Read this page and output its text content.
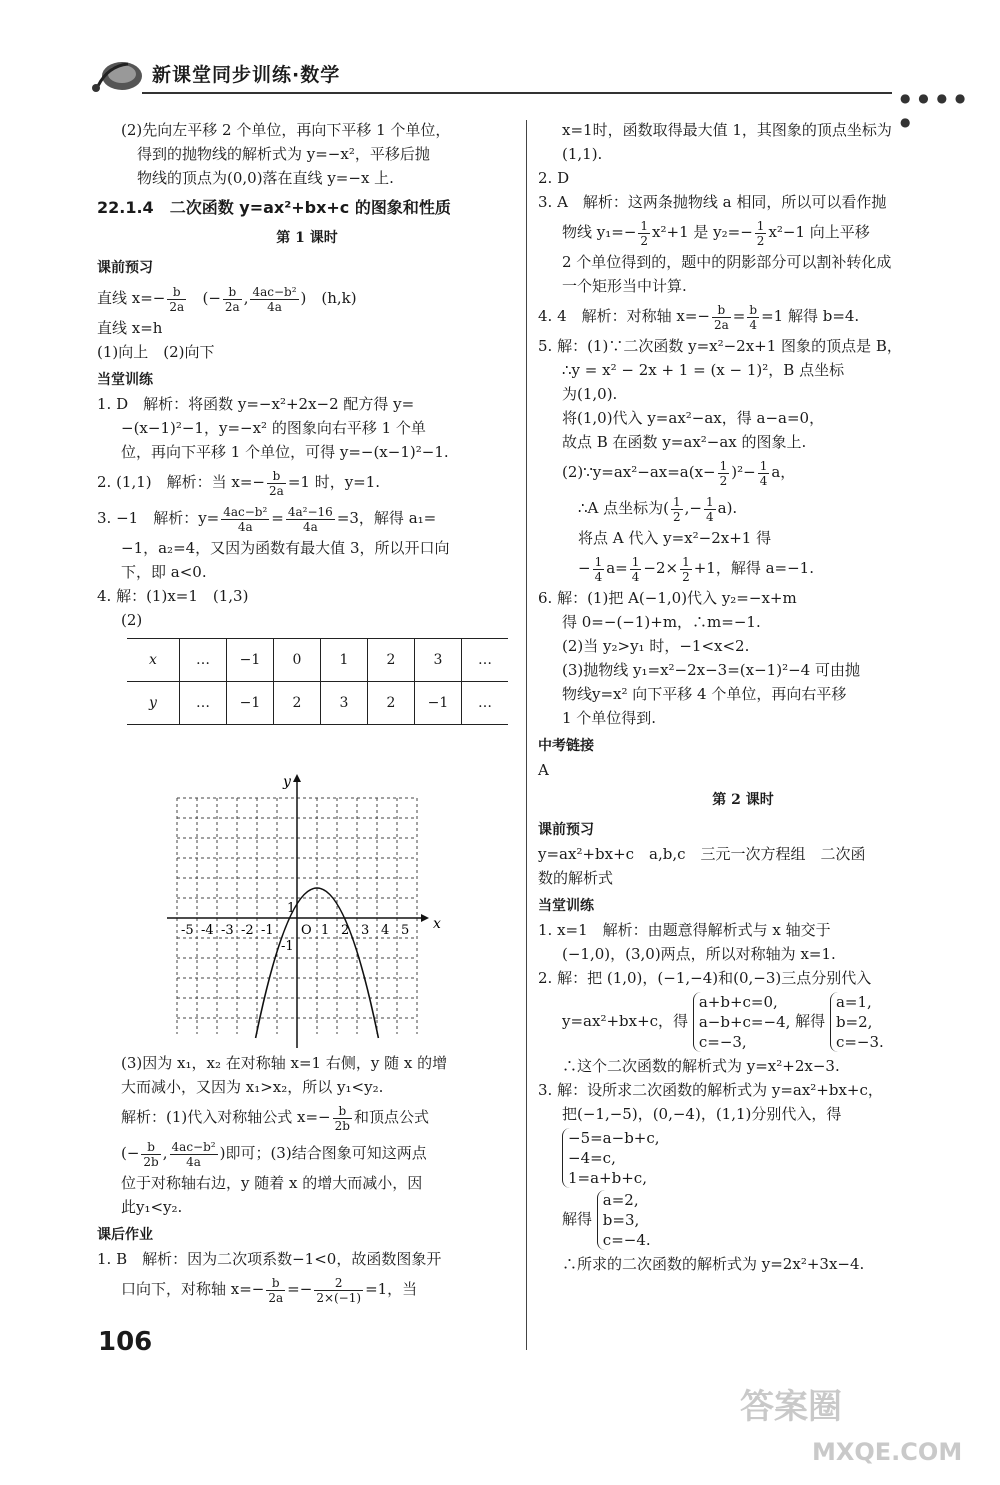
新课堂同步训练·数学
● ● ● ● ●

(2)先向左平移 2 个单位，再向下平移 1 个单位，

得到的抛物线的解析式为 y=−x²，平移后抛

物线的顶点为(0,0)落在直线 y=−x 上.

22.1.4　二次函数 y=ax²+bx+c 的图象和性质
第 1 课时
课前预习

直线 $x=- \frac{b}{2a}$ (− $\frac{b}{2a}$ , $\frac{\text{4ac−b²}}{4a}$ )　(h,k)

直线 x=h

(1)向上　(2)向下

当堂训练

1. D　解析：将函数 y=−x²+2x−2 配方得 y=

−(x−1)²−1，y=−x² 的图象向右平移 1 个单

位，再向下平移 1 个单位，可得 y=−(x−1)²−1.

2. (1,1)　解析：当 $x=- \frac{b}{2a} =1$ 时，y=1.

3. −1　解析：$y= \frac{\text{4ac−b²}}{4a} = \frac{\text{4a²−16}}{4a} =3$，解得 a₁=

−1，a₂=4，又因为函数有最大值 3，所以开口向

下，即 a<0.

4. 解：(1)x=1　(1,3)

(2)

x	…	−1	0	1	2	3	…
y	…	−1	2	3	2	−1	…
y
x
O
-5 -4 -3 -2 -1	1 2 3 4 5
1
-1

(3)因为 x₁，x₂ 在对称轴 x=1 右侧，y 随 x 的增

大而减小，又因为 x₁>x₂，所以 y₁<y₂.

解析：(1)代入对称轴公式 $x=- \frac{b}{2b}$ 和顶点公式

(− $\frac{b}{2b}$ , $\frac{\text{4ac−b²}}{4a}$ )即可；(3)结合图象可知这两点

位于对称轴右边，y 随着 x 的增大而减小，因

此y₁<y₂.

课后作业

1. B　解析：因为二次项系数−1<0，故函数图象开

口向下，对称轴 $x=- \frac{b}{2a} =- \frac{2}{2\times(-1)} =1$，当

x=1时，函数取得最大值 1，其图象的顶点坐标为

(1,1).

2. D

3. A　解析：这两条抛物线 a 相同，所以可以看作抛

物线 $y_1=- \frac{1}{2} x^2+1$ 是 $y_2=- \frac{1}{2} x^2-1$ 向上平移

2 个单位得到的，题中的阴影部分可以割补转化成

一个矩形当中计算.

4. 4　解析：对称轴 $x=- \frac{b}{2a} = \frac{b}{4} =1$ 解得 b=4.

5. 解：(1)∵二次函数 y=x²−2x+1 图象的顶点是 B，

∴y = x² − 2x + 1 = (x − 1)²，B 点坐标

为(1,0).

将(1,0)代入 y=ax²−ax，得 a−a=0，

故点 B 在函数 y=ax²−ax 的图象上.

(2)∵y=ax²−ax=a(x− $\frac{1}{2} )^2- \frac{1}{4}$ a，

∴A 点坐标为( $\frac{1}{2}$ ,− $\frac{1}{4} a$).

将点 A 代入 y=x²−2x+1 得

− $\frac{1}{4} a= \frac{1}{4} -2\times \frac{1}{2} +1$，解得 a=−1.

6. 解：(1)把 A(−1,0)代入 y₂=−x+m

得 0=−(−1)+m，∴m=−1.

(2)当 y₂>y₁ 时，−1<x<2.

(3)抛物线 y₁=x²−2x−3=(x−1)²−4 可由抛

物线y=x² 向下平移 4 个单位，再向右平移

1 个单位得到.

中考链接

A

第 2 课时
课前预习

y=ax²+bx+c　a,b,c　三元一次方程组　二次函

数的解析式

当堂训练

1. x=1　解析：由题意得解析式与 x 轴交于

(−1,0)，(3,0)两点，所以对称轴为 x=1.

2. 解：把 (1,0)，(−1,−4)和(0,−3)三点分别代入

y=ax²+bx+c，得
a+b+c=0,
a−b+c=−4,
c=−3,
解得
a=1,
b=2,
c=−3.

∴这个二次函数的解析式为 y=x²+2x−3.

3. 解：设所求二次函数的解析式为 y=ax²+bx+c，

把(−1,−5)，(0,−4)，(1,1)分别代入，得

−5=a−b+c,
−4=c,
1=a+b+c,

解得
a=2,
b=3,
c=−4.

∴所求的二次函数的解析式为 y=2x²+3x−4.

106
答案圈
MXQE.COM
